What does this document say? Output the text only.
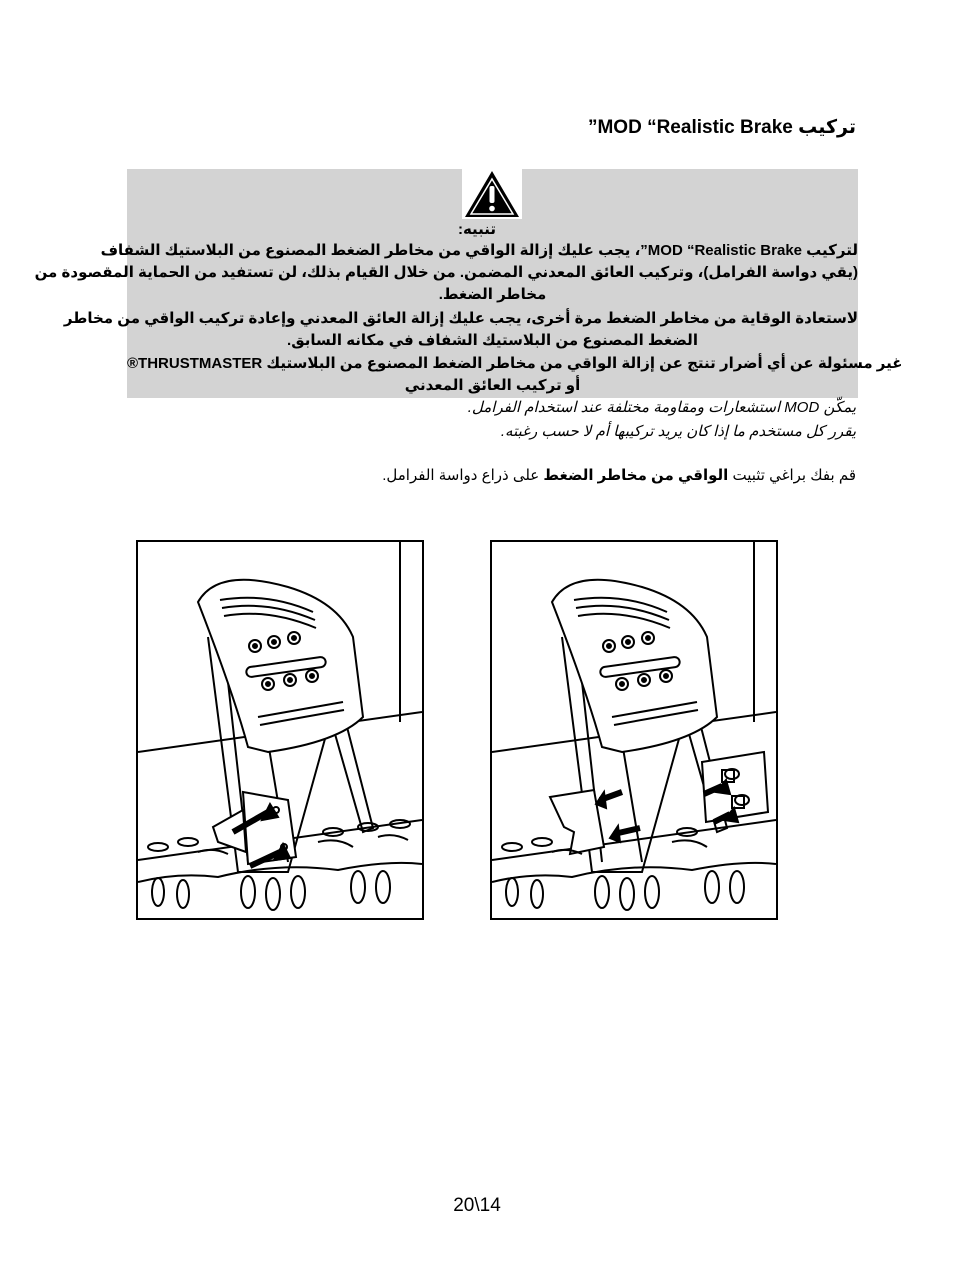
تركيب MOD “Realistic Brake”
تنبيه:
لتركيب MOD “Realistic Brake”، يجب عليك إزالة الواقي من مخاطر الضغط المصنوع من البلاستيك الشفاف
(يقي دواسة الفرامل)، وتركيب العائق المعدني المضمن. من خلال القيام بذلك، لن تستفيد من الحماية المقصودة من
مخاطر الضغط.
لاستعادة الوقاية من مخاطر الضغط مرة أخرى، يجب عليك إزالة العائق المعدني وإعادة تركيب الواقي من مخاطر
الضغط المصنوع من البلاستيك الشفاف في مكانه السابق.
®THRUSTMASTER غير مسئولة عن أي أضرار تنتج عن إزالة الواقي من مخاطر الضغط المصنوع من البلاستيك
أو تركيب العائق المعدني
يمكّن MOD استشعارات ومقاومة مختلفة عند استخدام الفرامل.
يقرر كل مستخدم ما إذا كان يريد تركيبها أم لا حسب رغبته.
قم بفك براغي تثبيت الواقي من مخاطر الضغط على ذراع دواسة الفرامل.
20\14
